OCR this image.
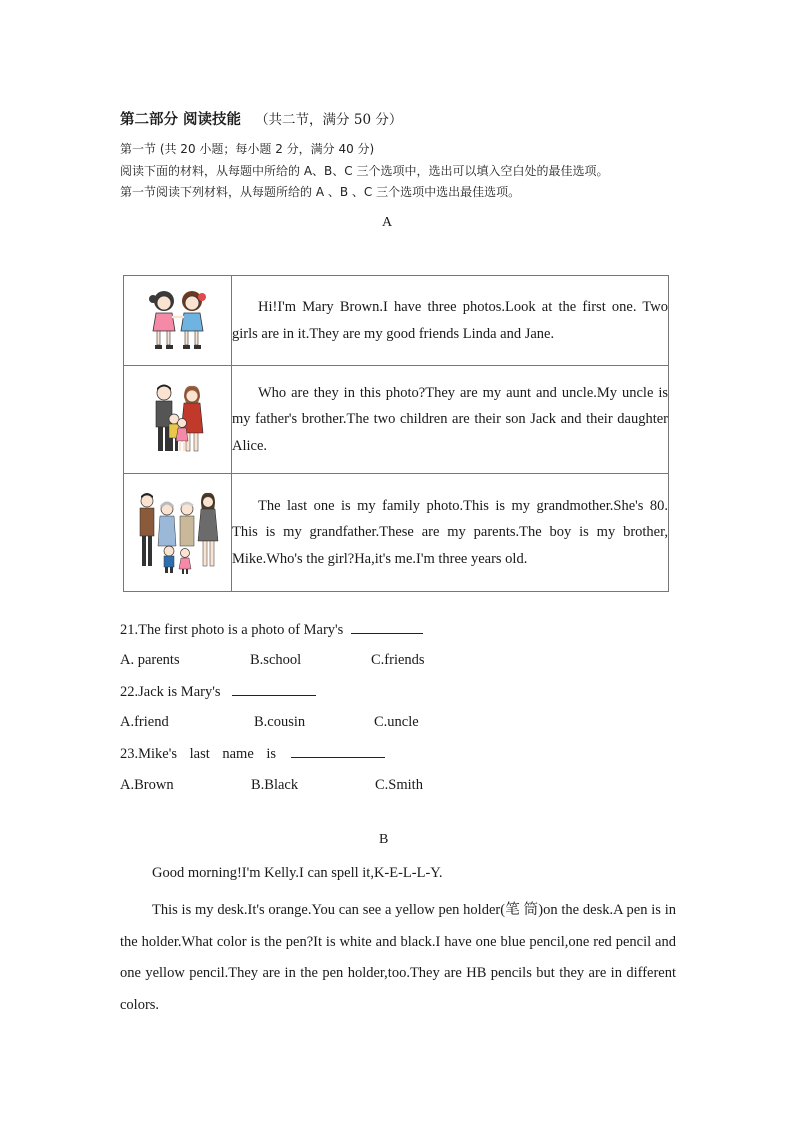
第二部分 阅读技能 （共二节，满分 50 分）
第一节 (共 20 小题；每小题 2 分，满分 40 分)
阅读下面的材料，从每题中所给的 A、B、C 三个选项中，选出可以填入空白处的最佳选项。
第一节阅读下列材料，从每题所给的 A 、B 、C 三个选项中选出最佳选项。
A

Hi!I'm Mary Brown.I have three photos.Look at the first one. Two girls are in it.They are my good friends Linda and Jane.

Who are they in this photo?They are my aunt and uncle.My uncle is my father's brother.The two children are their son Jack and their daughter Alice.

The last one is my family photo.This is my grandmother.She's 80. This is my grandfather.These are my parents.The boy is my brother, Mike.Who's the girl?Ha,it's me.I'm three years old.
21.The first photo is a photo of Mary's
A. parents	B.school	C.friends
22.Jack is Mary's
A.friend	B.cousin	C.uncle
23.Mike's last name is
A.Brown	B.Black	C.Smith
B
Good morning!I'm Kelly.I can spell it,K-E-L-L-Y.
This is my desk.It's orange.You can see a yellow pen holder(笔 筒)on the desk.A pen is in the holder.What color is the pen?It is white and black.I have one blue pencil,one red pencil and one yellow pencil.They are in the pen holder,too.They are HB pencils but they are in different colors.
